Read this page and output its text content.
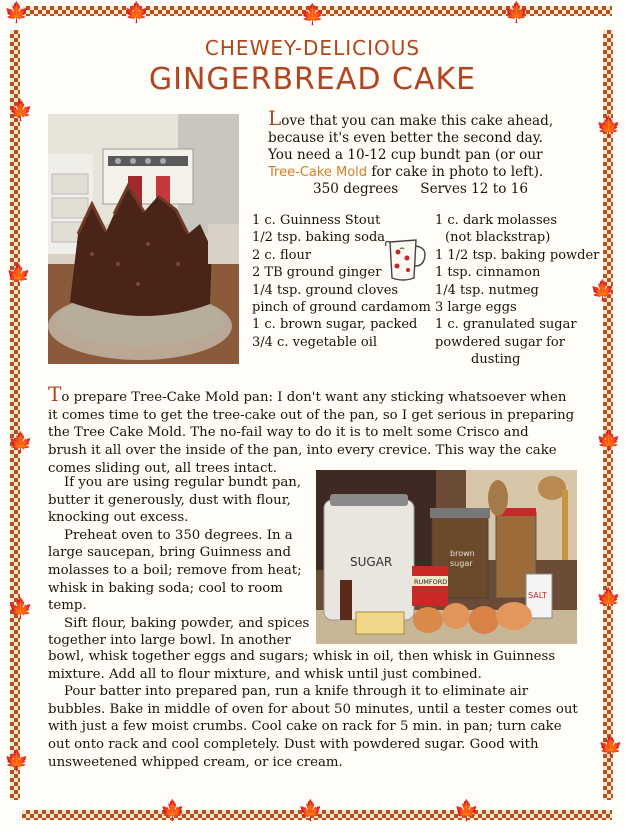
🍁	🍁	🍁	🍁
🍁
🍁
🍁
🍁
🍁	🍁
🍁	🍁
🍁
🍁
🍁	🍁	🍁
CHEWEY-DELICIOUS
GINGERBREAD CAKE
Love that you can make this cake ahead,
because it's even better the second day.
You need a 10-12 cup bundt pan (or our
Tree-Cake Mold for cake in photo to left).

350 degrees Serves 12 to 16
1 c. Guinness Stout
1/2 tsp. baking soda
2 c. flour
2 TB ground ginger
1/4 tsp. ground cloves
pinch of ground cardamom
1 c. brown sugar, packed
3/4 c. vegetable oil
1 c. dark molasses
(not blackstrap)
1 1/2 tsp. baking powder
1 tsp. cinnamon
1/4 tsp. nutmeg
3 large eggs
1 c. granulated sugar
powdered sugar for
dusting
To prepare Tree-Cake Mold pan: I don't want any sticking whatsoever when
it comes time to get the tree-cake out of the pan, so I get serious in preparing
the Tree Cake Mold. The no-fail way to do it is to melt some Crisco and
brush it all over the inside of the pan, into every crevice. This way the cake
comes sliding out, all trees intact.

If you are using regular bundt pan, butter it generously, dust with flour, knocking out excess.

Preheat oven to 350 degrees. In a large saucepan, bring Guinness and molasses to a boil; remove from heat; whisk in baking soda; cool to room temp.

Sift flour, baking powder, and spices together into large bowl. In another

SUGAR
brown
sugar
RUMFORD
SALT
bowl, whisk together eggs and sugars; whisk in oil, then whisk in Guinness mixture. Add all to flour mixture, and whisk until just combined.

Pour batter into prepared pan, run a knife through it to eliminate air bubbles. Bake in middle of oven for about 50 minutes, until a tester comes out with just a few moist crumbs. Cool cake on rack for 5 min. in pan; turn cake out onto rack and cool completely. Dust with powdered sugar. Good with unsweetened whipped cream, or ice cream.
